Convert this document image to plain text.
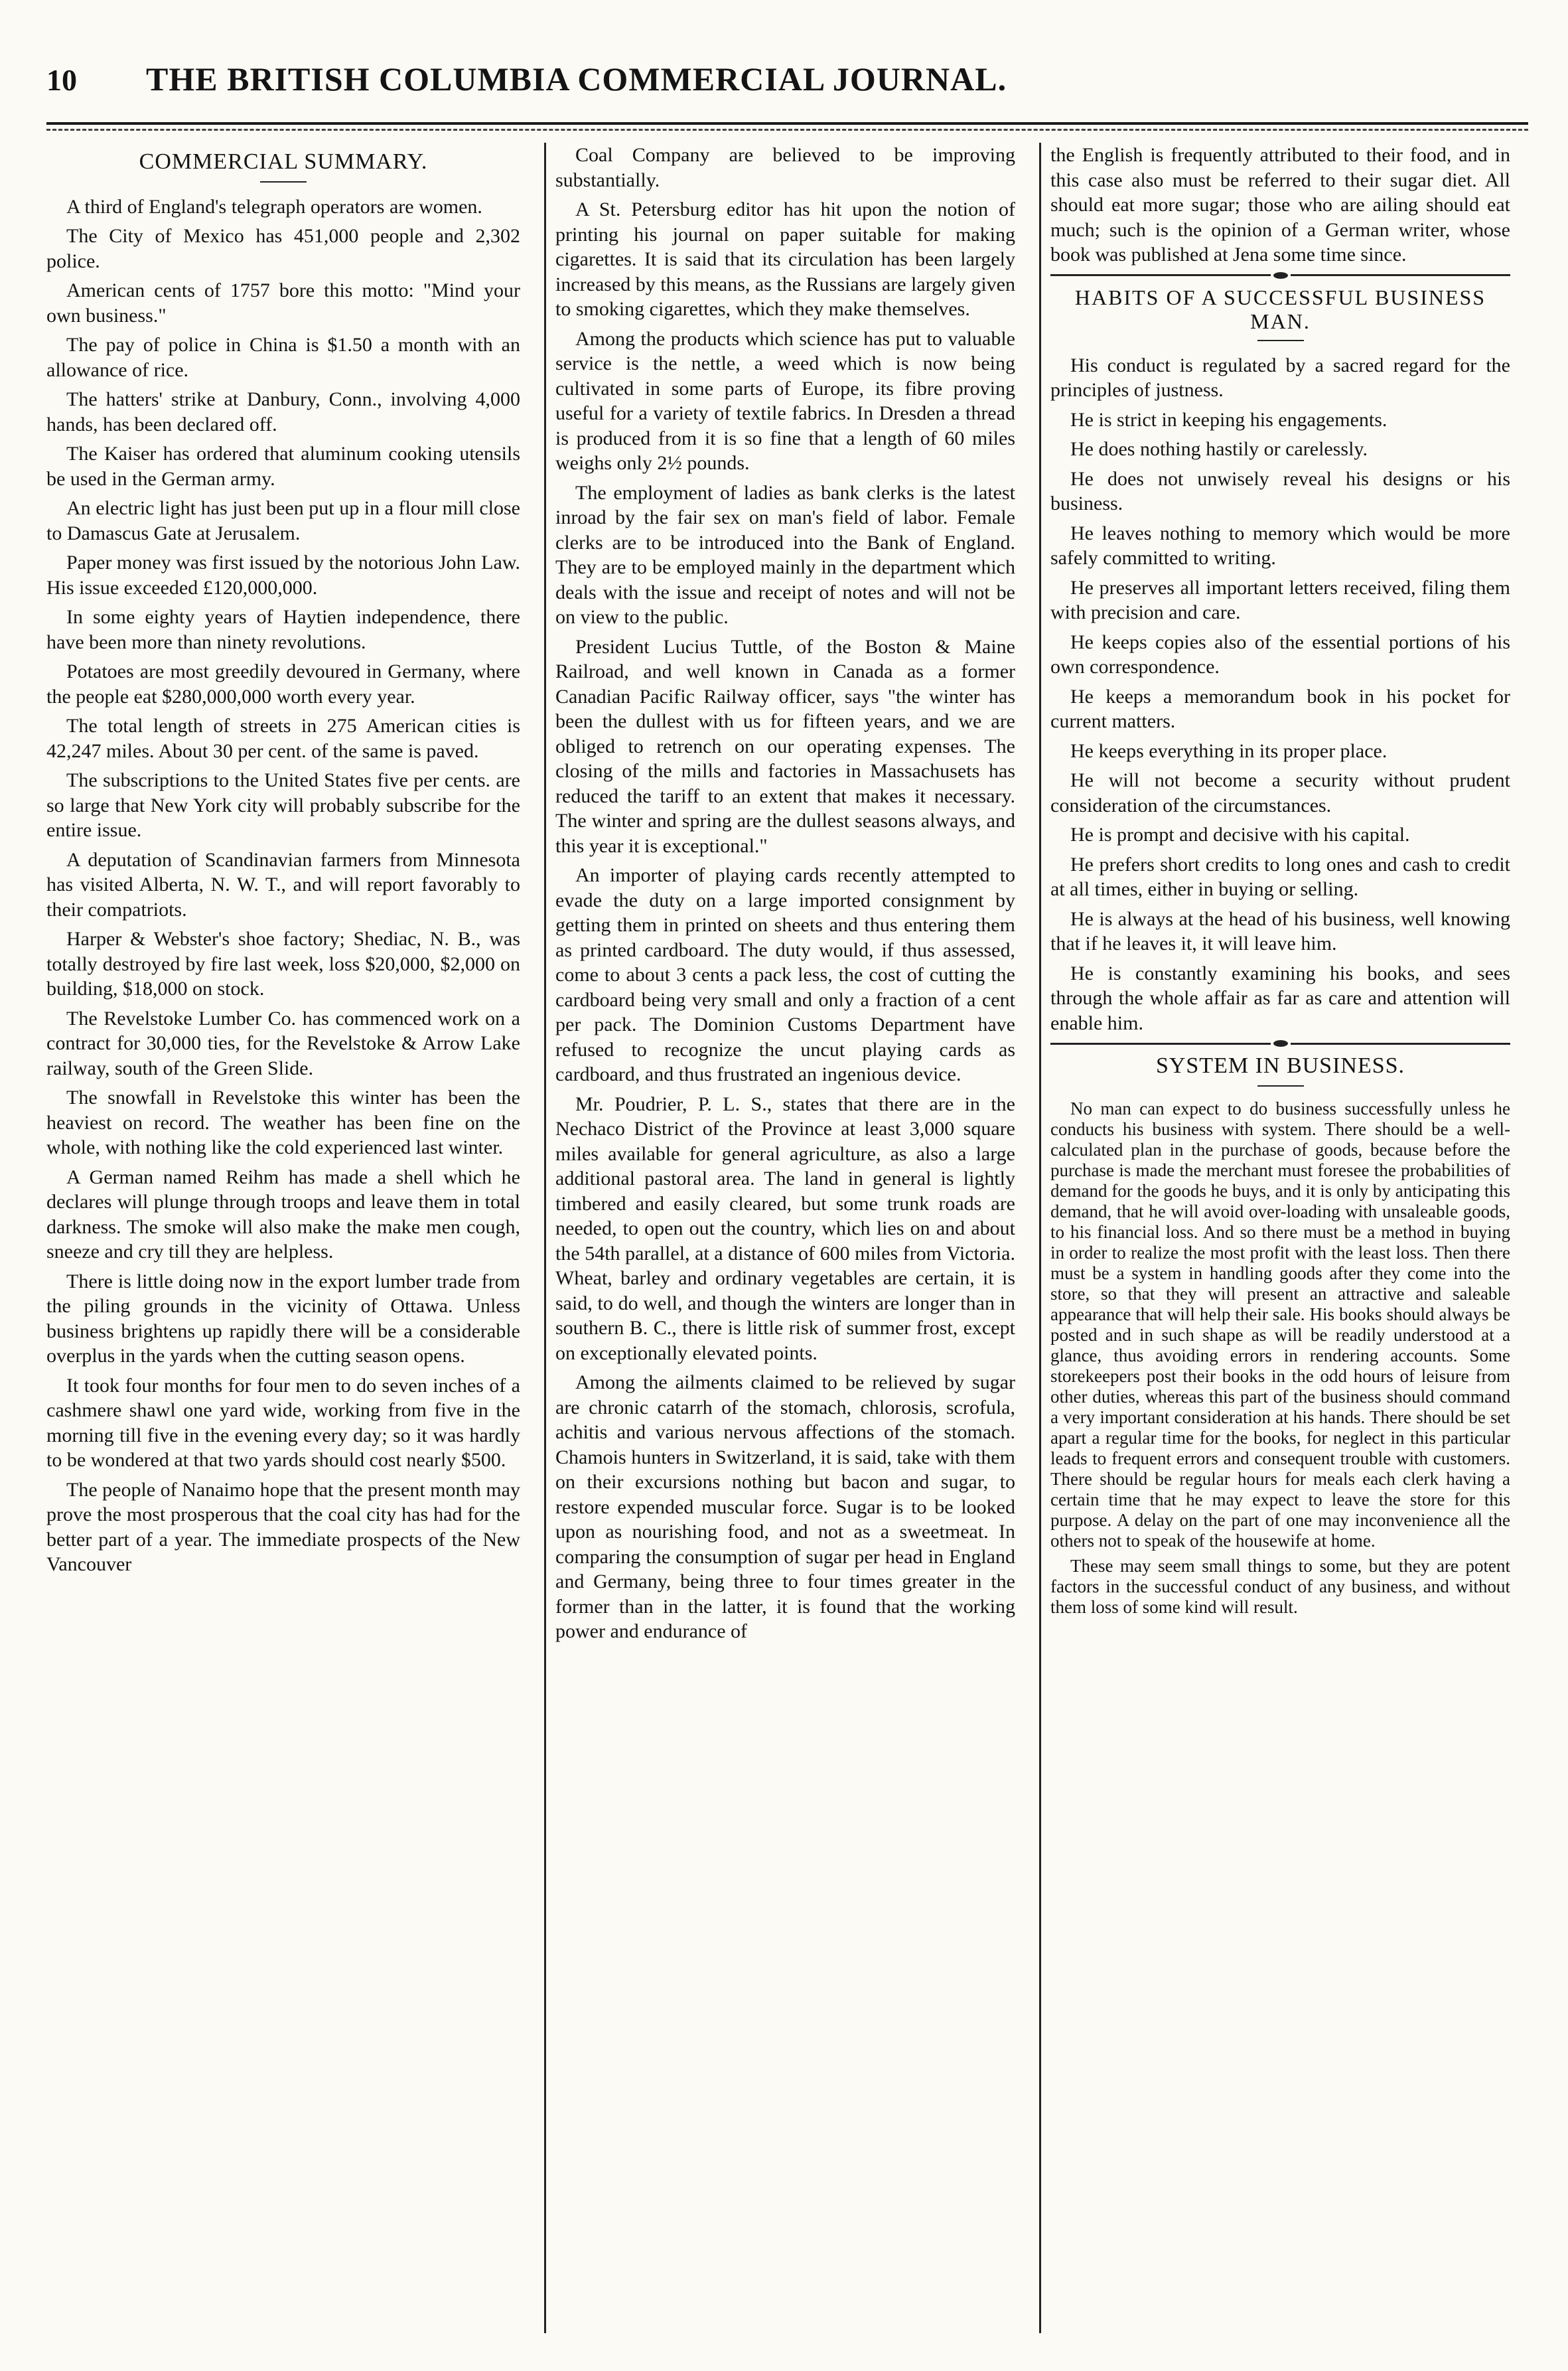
10	THE BRITISH COLUMBIA COMMERCIAL JOURNAL.
COMMERCIAL SUMMARY.

A third of England's telegraph operators are women.

The City of Mexico has 451,000 people and 2,302 police.

American cents of 1757 bore this motto: "Mind your own business."

The pay of police in China is $1.50 a month with an allowance of rice.

The hatters' strike at Danbury, Conn., involving 4,000 hands, has been declared off.

The Kaiser has ordered that aluminum cooking utensils be used in the German army.

An electric light has just been put up in a flour mill close to Damascus Gate at Jerusalem.

Paper money was first issued by the notorious John Law. His issue exceeded £120,000,000.

In some eighty years of Haytien independence, there have been more than ninety revolutions.

Potatoes are most greedily devoured in Germany, where the people eat $280,000,000 worth every year.

The total length of streets in 275 American cities is 42,247 miles. About 30 per cent. of the same is paved.

The subscriptions to the United States five per cents. are so large that New York city will probably subscribe for the entire issue.

A deputation of Scandinavian farmers from Minnesota has visited Alberta, N. W. T., and will report favorably to their compatriots.

Harper & Webster's shoe factory; Shediac, N. B., was totally destroyed by fire last week, loss $20,000, $2,000 on building, $18,000 on stock.

The Revelstoke Lumber Co. has commenced work on a contract for 30,000 ties, for the Revelstoke & Arrow Lake railway, south of the Green Slide.

The snowfall in Revelstoke this winter has been the heaviest on record. The weather has been fine on the whole, with nothing like the cold experienced last winter.

A German named Reihm has made a shell which he declares will plunge through troops and leave them in total darkness. The smoke will also make the make men cough, sneeze and cry till they are helpless.

There is little doing now in the export lumber trade from the piling grounds in the vicinity of Ottawa. Unless business brightens up rapidly there will be a considerable overplus in the yards when the cutting season opens.

It took four months for four men to do seven inches of a cashmere shawl one yard wide, working from five in the morning till five in the evening every day; so it was hardly to be wondered at that two yards should cost nearly $500.

The people of Nanaimo hope that the present month may prove the most prosperous that the coal city has had for the better part of a year. The immediate prospects of the New Vancouver

Coal Company are believed to be improving substantially.

A St. Petersburg editor has hit upon the notion of printing his journal on paper suitable for making cigarettes. It is said that its circulation has been largely increased by this means, as the Russians are largely given to smoking cigarettes, which they make themselves.

Among the products which science has put to valuable service is the nettle, a weed which is now being cultivated in some parts of Europe, its fibre proving useful for a variety of textile fabrics. In Dresden a thread is produced from it is so fine that a length of 60 miles weighs only 2½ pounds.

The employment of ladies as bank clerks is the latest inroad by the fair sex on man's field of labor. Female clerks are to be introduced into the Bank of England. They are to be employed mainly in the department which deals with the issue and receipt of notes and will not be on view to the public.

President Lucius Tuttle, of the Boston & Maine Railroad, and well known in Canada as a former Canadian Pacific Railway officer, says "the winter has been the dullest with us for fifteen years, and we are obliged to retrench on our operating expenses. The closing of the mills and factories in Massachusets has reduced the tariff to an extent that makes it necessary. The winter and spring are the dullest seasons always, and this year it is exceptional."

An importer of playing cards recently attempted to evade the duty on a large imported consignment by getting them in printed on sheets and thus entering them as printed cardboard. The duty would, if thus assessed, come to about 3 cents a pack less, the cost of cutting the cardboard being very small and only a fraction of a cent per pack. The Dominion Customs Department have refused to recognize the uncut playing cards as cardboard, and thus frustrated an ingenious device.

Mr. Poudrier, P. L. S., states that there are in the Nechaco District of the Province at least 3,000 square miles available for general agriculture, as also a large additional pastoral area. The land in general is lightly timbered and easily cleared, but some trunk roads are needed, to open out the country, which lies on and about the 54th parallel, at a distance of 600 miles from Victoria. Wheat, barley and ordinary vegetables are certain, it is said, to do well, and though the winters are longer than in southern B. C., there is little risk of summer frost, except on exceptionally elevated points.

Among the ailments claimed to be relieved by sugar are chronic catarrh of the stomach, chlorosis, scrofula, achitis and various nervous affections of the stomach. Chamois hunters in Switzerland, it is said, take with them on their excursions nothing but bacon and sugar, to restore expended muscular force. Sugar is to be looked upon as nourishing food, and not as a sweetmeat. In comparing the consumption of sugar per head in England and Germany, being three to four times greater in the former than in the latter, it is found that the working power and endurance of

the English is frequently attributed to their food, and in this case also must be referred to their sugar diet. All should eat more sugar; those who are ailing should eat much; such is the opinion of a German writer, whose book was published at Jena some time since.

HABITS OF A SUCCESSFUL BUSINESS MAN.

His conduct is regulated by a sacred regard for the principles of justness.

He is strict in keeping his engagements.

He does nothing hastily or carelessly.

He does not unwisely reveal his designs or his business.

He leaves nothing to memory which would be more safely committed to writing.

He preserves all important letters received, filing them with precision and care.

He keeps copies also of the essential portions of his own correspondence.

He keeps a memorandum book in his pocket for current matters.

He keeps everything in its proper place.

He will not become a security without prudent consideration of the circumstances.

He is prompt and decisive with his capital.

He prefers short credits to long ones and cash to credit at all times, either in buying or selling.

He is always at the head of his business, well knowing that if he leaves it, it will leave him.

He is constantly examining his books, and sees through the whole affair as far as care and attention will enable him.

SYSTEM IN BUSINESS.

No man can expect to do business successfully unless he conducts his business with system. There should be a well-calculated plan in the purchase of goods, because before the purchase is made the merchant must foresee the probabilities of demand for the goods he buys, and it is only by anticipating this demand, that he will avoid over-loading with unsaleable goods, to his financial loss. And so there must be a method in buying in order to realize the most profit with the least loss. Then there must be a system in handling goods after they come into the store, so that they will present an attractive and saleable appearance that will help their sale. His books should always be posted and in such shape as will be readily understood at a glance, thus avoiding errors in rendering accounts. Some storekeepers post their books in the odd hours of leisure from other duties, whereas this part of the business should command a very important consideration at his hands. There should be set apart a regular time for the books, for neglect in this particular leads to frequent errors and consequent trouble with customers. There should be regular hours for meals each clerk having a certain time that he may expect to leave the store for this purpose. A delay on the part of one may inconvenience all the others not to speak of the housewife at home.

These may seem small things to some, but they are potent factors in the successful conduct of any business, and without them loss of some kind will result.
